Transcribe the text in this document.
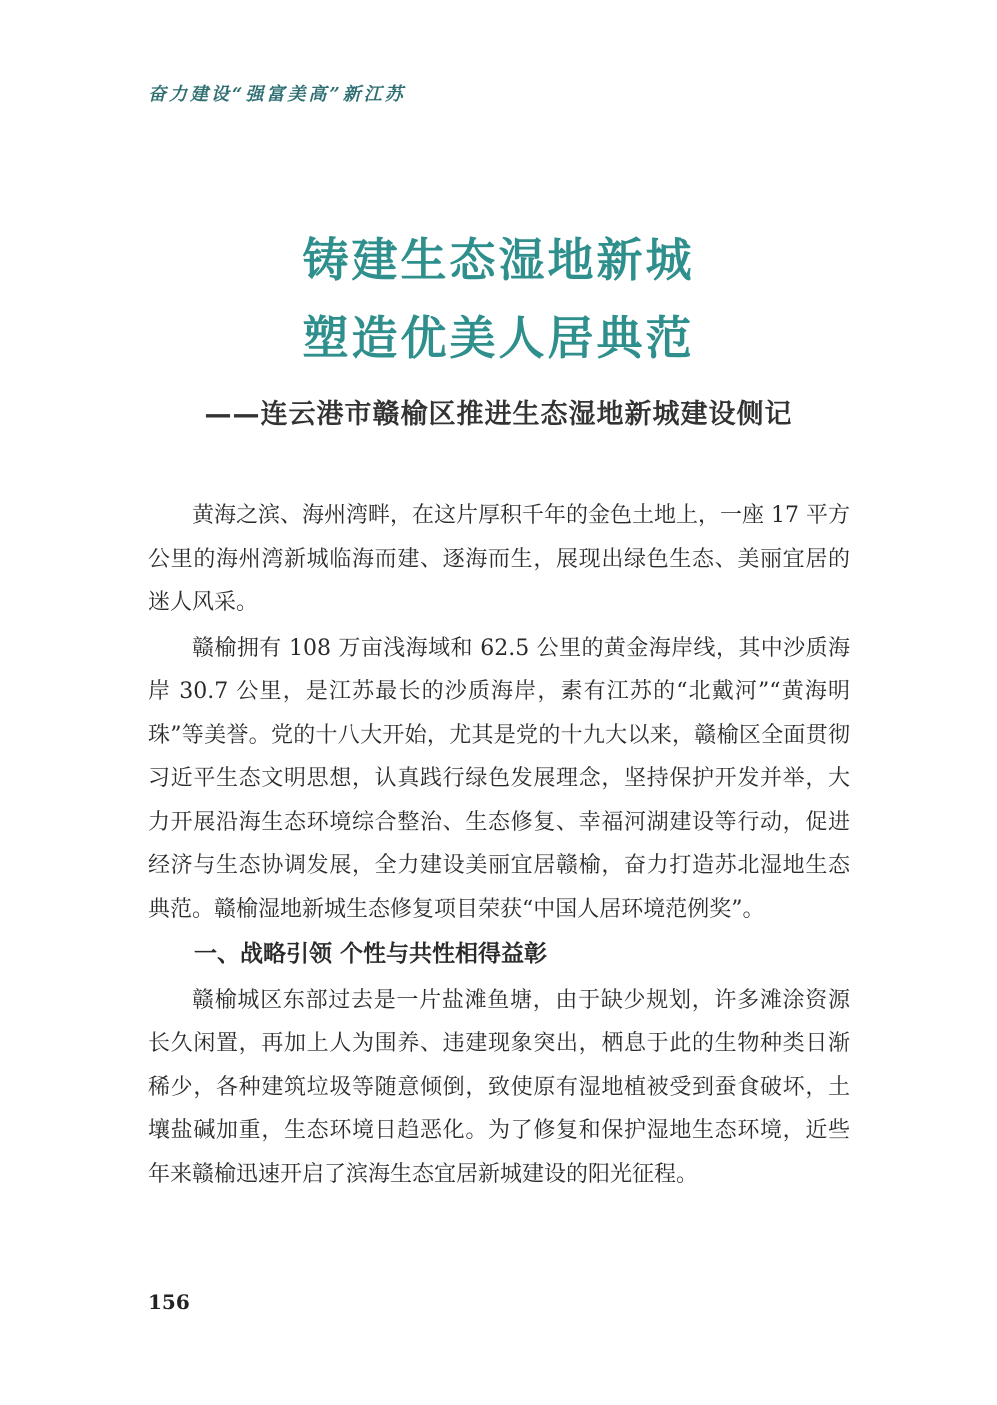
奋力建设“强富美高”新江苏
铸建生态湿地新城
塑造优美人居典范
——连云港市赣榆区推进生态湿地新城建设侧记

黄海之滨、海州湾畔，在这片厚积千年的金色土地上，一座 17 平方公里的海州湾新城临海而建、逐海而生，展现出绿色生态、美丽宜居的迷人风采。

赣榆拥有 108 万亩浅海域和 62.5 公里的黄金海岸线，其中沙质海岸 30.7 公里，是江苏最长的沙质海岸，素有江苏的“北戴河”“黄海明珠”等美誉。党的十八大开始，尤其是党的十九大以来，赣榆区全面贯彻习近平生态文明思想，认真践行绿色发展理念，坚持保护开发并举，大力开展沿海生态环境综合整治、生态修复、幸福河湖建设等行动，促进经济与生态协调发展，全力建设美丽宜居赣榆，奋力打造苏北湿地生态典范。赣榆湿地新城生态修复项目荣获“中国人居环境范例奖”。

一、战略引领 个性与共性相得益彰

赣榆城区东部过去是一片盐滩鱼塘，由于缺少规划，许多滩涂资源长久闲置，再加上人为围养、违建现象突出，栖息于此的生物种类日渐稀少，各种建筑垃圾等随意倾倒，致使原有湿地植被受到蚕食破坏，土壤盐碱加重，生态环境日趋恶化。为了修复和保护湿地生态环境，近些年来赣榆迅速开启了滨海生态宜居新城建设的阳光征程。

156
